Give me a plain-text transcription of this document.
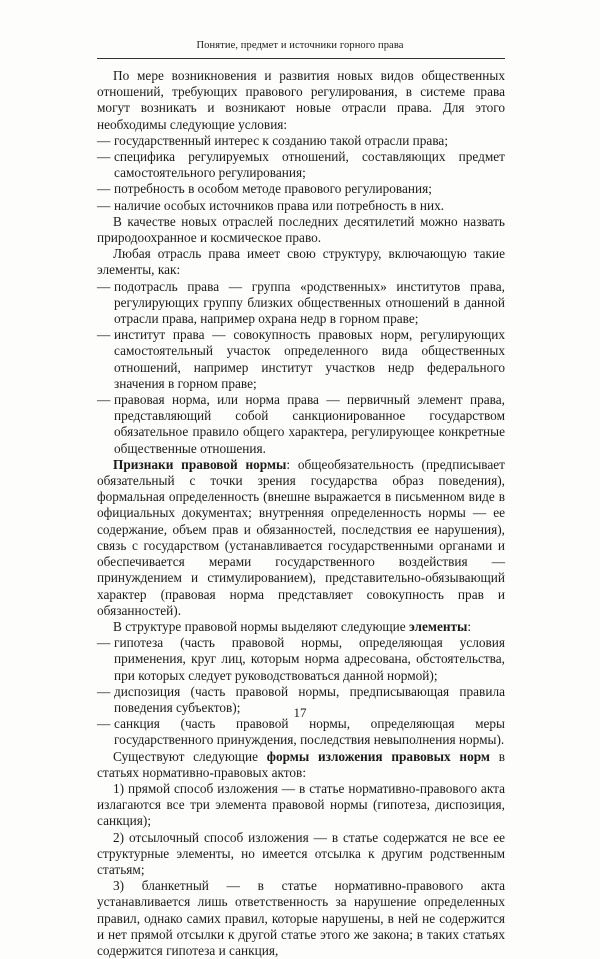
Понятие, предмет и источники горного права

По мере возникновения и развития новых видов общественных отношений, требующих правового регулирования, в системе права могут возникать и возникают новые отрасли права. Для этого необходимы следующие условия:

— государственный интерес к созданию такой отрасли права;

— специфика регулируемых отношений, составляющих предмет самостоятельного регулирования;

— потребность в особом методе правового регулирования;

— наличие особых источников права или потребность в них.

В качестве новых отраслей последних десятилетий можно назвать природоохранное и космическое право.

Любая отрасль права имеет свою структуру, включающую такие элементы, как:

— подотрасль права — группа «родственных» институтов права, регулирующих группу близких общественных отношений в данной отрасли права, например охрана недр в горном праве;

— институт права — совокупность правовых норм, регулирующих самостоятельный участок определенного вида общественных отношений, например институт участков недр федерального значения в горном праве;

— правовая норма, или норма права — первичный элемент права, представляющий собой санкционированное государством обязательное правило общего характера, регулирующее конкретные общественные отношения.

Признаки правовой нормы: общеобязательность (предписывает обязательный с точки зрения государства образ поведения), формальная определенность (внешне выражается в письменном виде в официальных документах; внутренняя определенность нормы — ее содержание, объем прав и обязанностей, последствия ее нарушения), связь с государством (устанавливается государственными органами и обеспечивается мерами государственного воздействия — принуждением и стимулированием), представительно-обязывающий характер (правовая норма представляет совокупность прав и обязанностей).

В структуре правовой нормы выделяют следующие элементы:

— гипотеза (часть правовой нормы, определяющая условия применения, круг лиц, которым норма адресована, обстоятельства, при которых следует руководствоваться данной нормой);

— диспозиция (часть правовой нормы, предписывающая правила поведения субъектов);

— санкция (часть правовой нормы, определяющая меры государственного принуждения, последствия невыполнения нормы).

Существуют следующие формы изложения правовых норм в статьях нормативно-правовых актов:

1) прямой способ изложения — в статье нормативно-правового акта излагаются все три элемента правовой нормы (гипотеза, диспозиция, санкция);

2) отсылочный способ изложения — в статье содержатся не все ее структурные элементы, но имеется отсылка к другим родственным статьям;

3) бланкетный — в статье нормативно-правового акта устанавливается лишь ответственность за нарушение определенных правил, однако самих правил, которые нарушены, в ней не содержится и нет прямой отсылки к другой статье этого же закона; в таких статьях содержится гипотеза и санкция,

17
